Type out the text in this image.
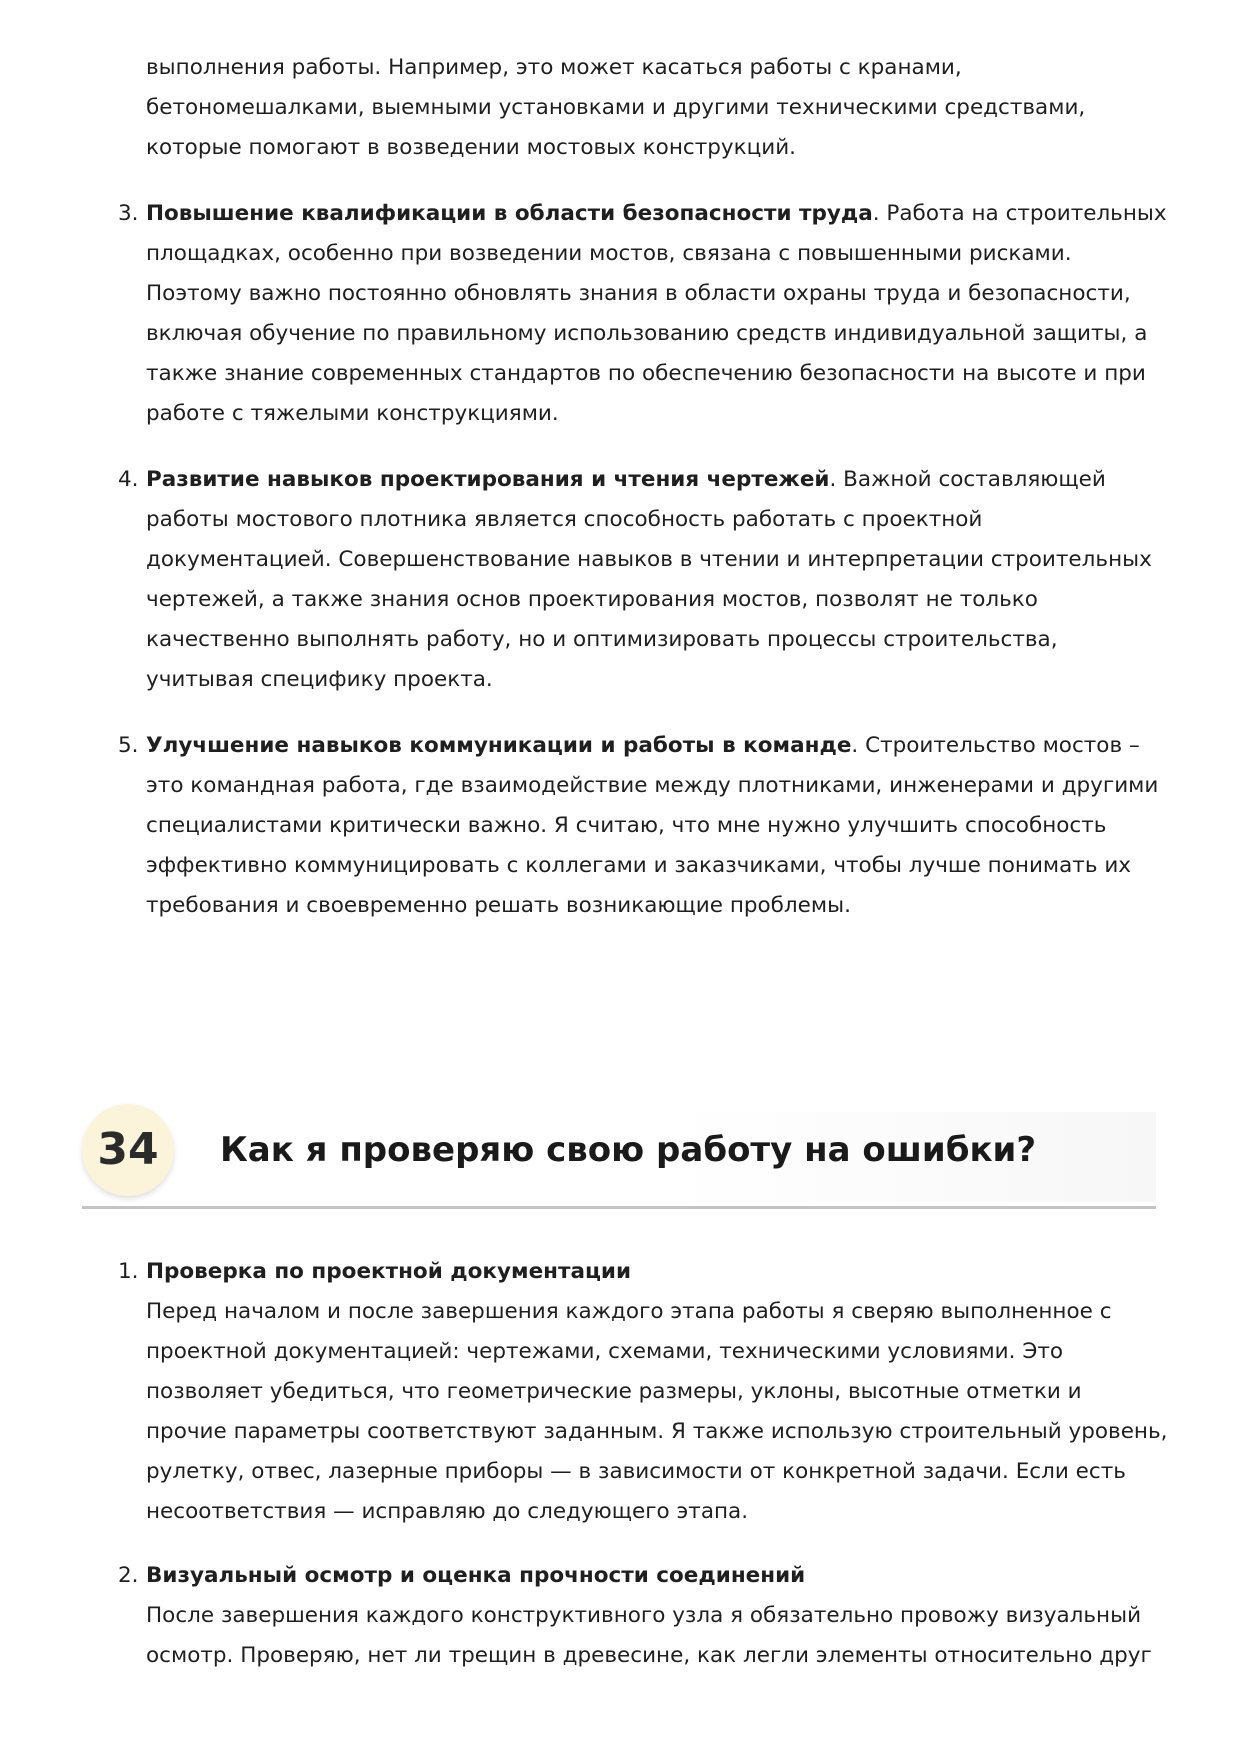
выполнения работы. Например, это может касаться работы с кранами, бетономешалками, выемными установками и другими техническими средствами, которые помогают в возведении мостовых конструкций.
3. Повышение квалификации в области безопасности труда. Работа на строительных площадках, особенно при возведении мостов, связана с повышенными рисками. Поэтому важно постоянно обновлять знания в области охраны труда и безопасности, включая обучение по правильному использованию средств индивидуальной защиты, а также знание современных стандартов по обеспечению безопасности на высоте и при работе с тяжелыми конструкциями.
4. Развитие навыков проектирования и чтения чертежей. Важной составляющей работы мостового плотника является способность работать с проектной документацией. Совершенствование навыков в чтении и интерпретации строительных чертежей, а также знания основ проектирования мостов, позволят не только качественно выполнять работу, но и оптимизировать процессы строительства, учитывая специфику проекта.
5. Улучшение навыков коммуникации и работы в команде. Строительство мостов – это командная работа, где взаимодействие между плотниками, инженерами и другими специалистами критически важно. Я считаю, что мне нужно улучшить способность эффективно коммуницировать с коллегами и заказчиками, чтобы лучше понимать их требования и своевременно решать возникающие проблемы.
34	Как я проверяю свою работу на ошибки?
1. Проверка по проектной документации
Перед началом и после завершения каждого этапа работы я сверяю выполненное с проектной документацией: чертежами, схемами, техническими условиями. Это позволяет убедиться, что геометрические размеры, уклоны, высотные отметки и прочие параметры соответствуют заданным. Я также использую строительный уровень, рулетку, отвес, лазерные приборы — в зависимости от конкретной задачи. Если есть несоответствия — исправляю до следующего этапа.
2. Визуальный осмотр и оценка прочности соединений
После завершения каждого конструктивного узла я обязательно провожу визуальный осмотр. Проверяю, нет ли трещин в древесине, как легли элементы относительно друг
